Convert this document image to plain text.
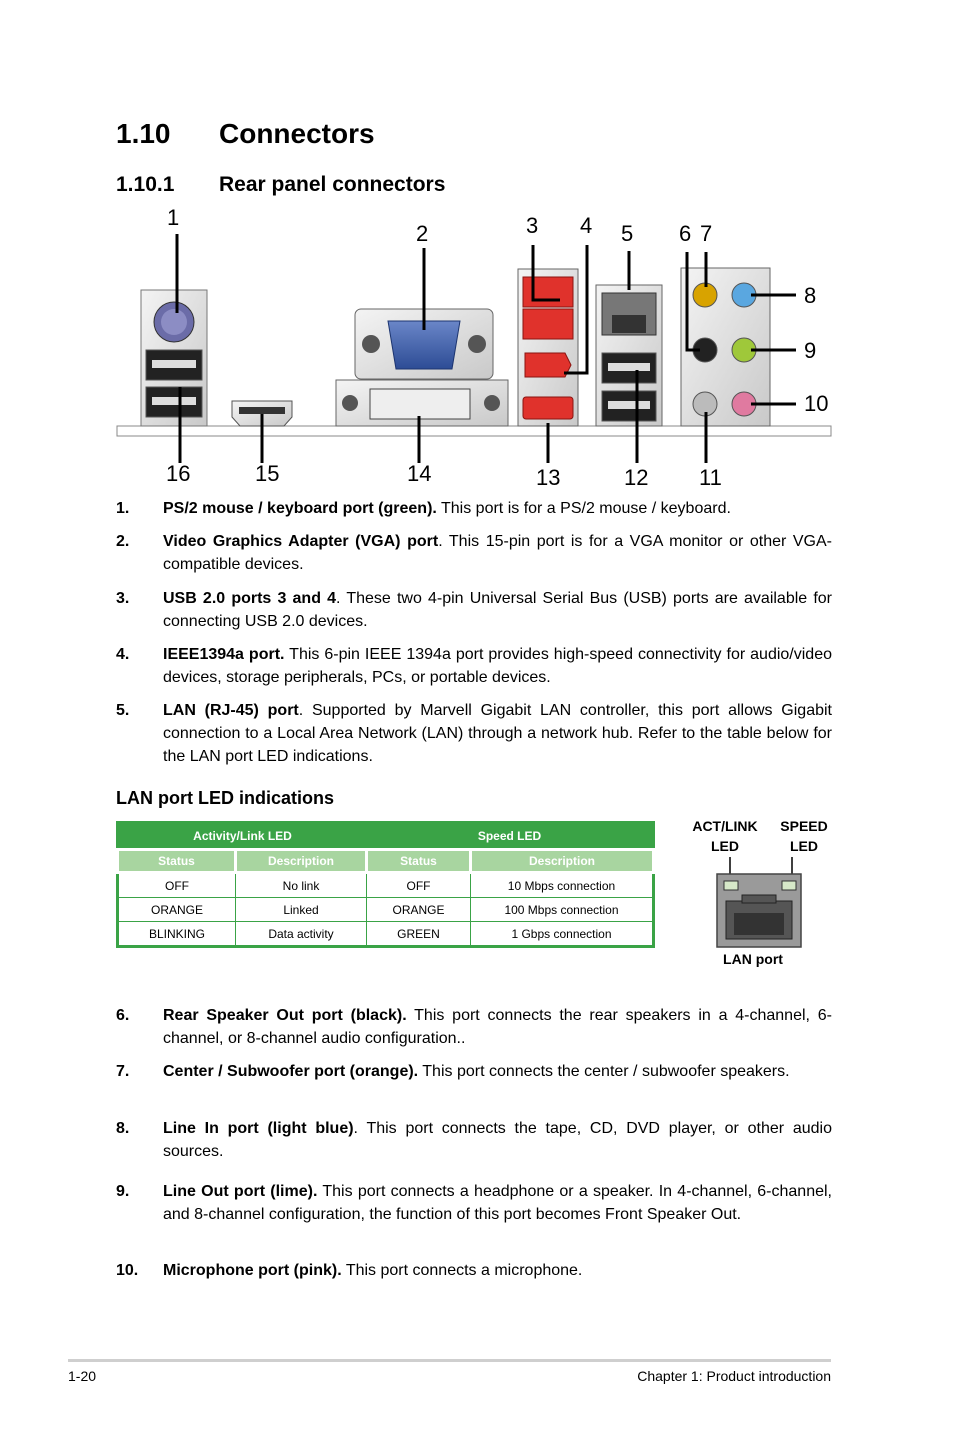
1.10 Connectors
1.10.1 Rear panel connectors
1
2	3 4 5 6 7
8
9
10
11
12
13
14
15
16
1. PS/2 mouse / keyboard port (green). This port is for a PS/2 mouse / keyboard.
2. Video Graphics Adapter (VGA) port. This 15-pin port is for a VGA monitor or other VGA-compatible devices.
3. USB 2.0 ports 3 and 4. These two 4-pin Universal Serial Bus (USB) ports are available for connecting USB 2.0 devices.
4. IEEE1394a port. This 6-pin IEEE 1394a port provides high-speed connectivity for audio/video devices, storage peripherals, PCs, or portable devices.
5. LAN (RJ-45) port. Supported by Marvell Gigabit LAN controller, this port allows Gigabit connection to a Local Area Network (LAN) through a network hub. Refer to the table below for the LAN port LED indications.
LAN port LED indications
Activity/Link LED		Speed LED	
Status	Description	Status	Description
OFF	No link	OFF	10 Mbps connection
ORANGE	Linked	ORANGE	100 Mbps connection
BLINKING	Data activity	GREEN	1 Gbps connection
ACT/LINK
LED
SPEED
LED
LAN port
6. Rear Speaker Out port (black). This port connects the rear speakers in a 4-channel, 6-channel, or 8-channel audio configuration..
7. Center / Subwoofer port (orange). This port connects the center / subwoofer speakers.
8. Line In port (light blue). This port connects the tape, CD, DVD player, or other audio sources.
9. Line Out port (lime). This port connects a headphone or a speaker. In 4-channel, 6-channel, and 8-channel configuration, the function of this port becomes Front Speaker Out.
10. Microphone port (pink). This port connects a microphone.
1-20	Chapter 1: Product introduction
